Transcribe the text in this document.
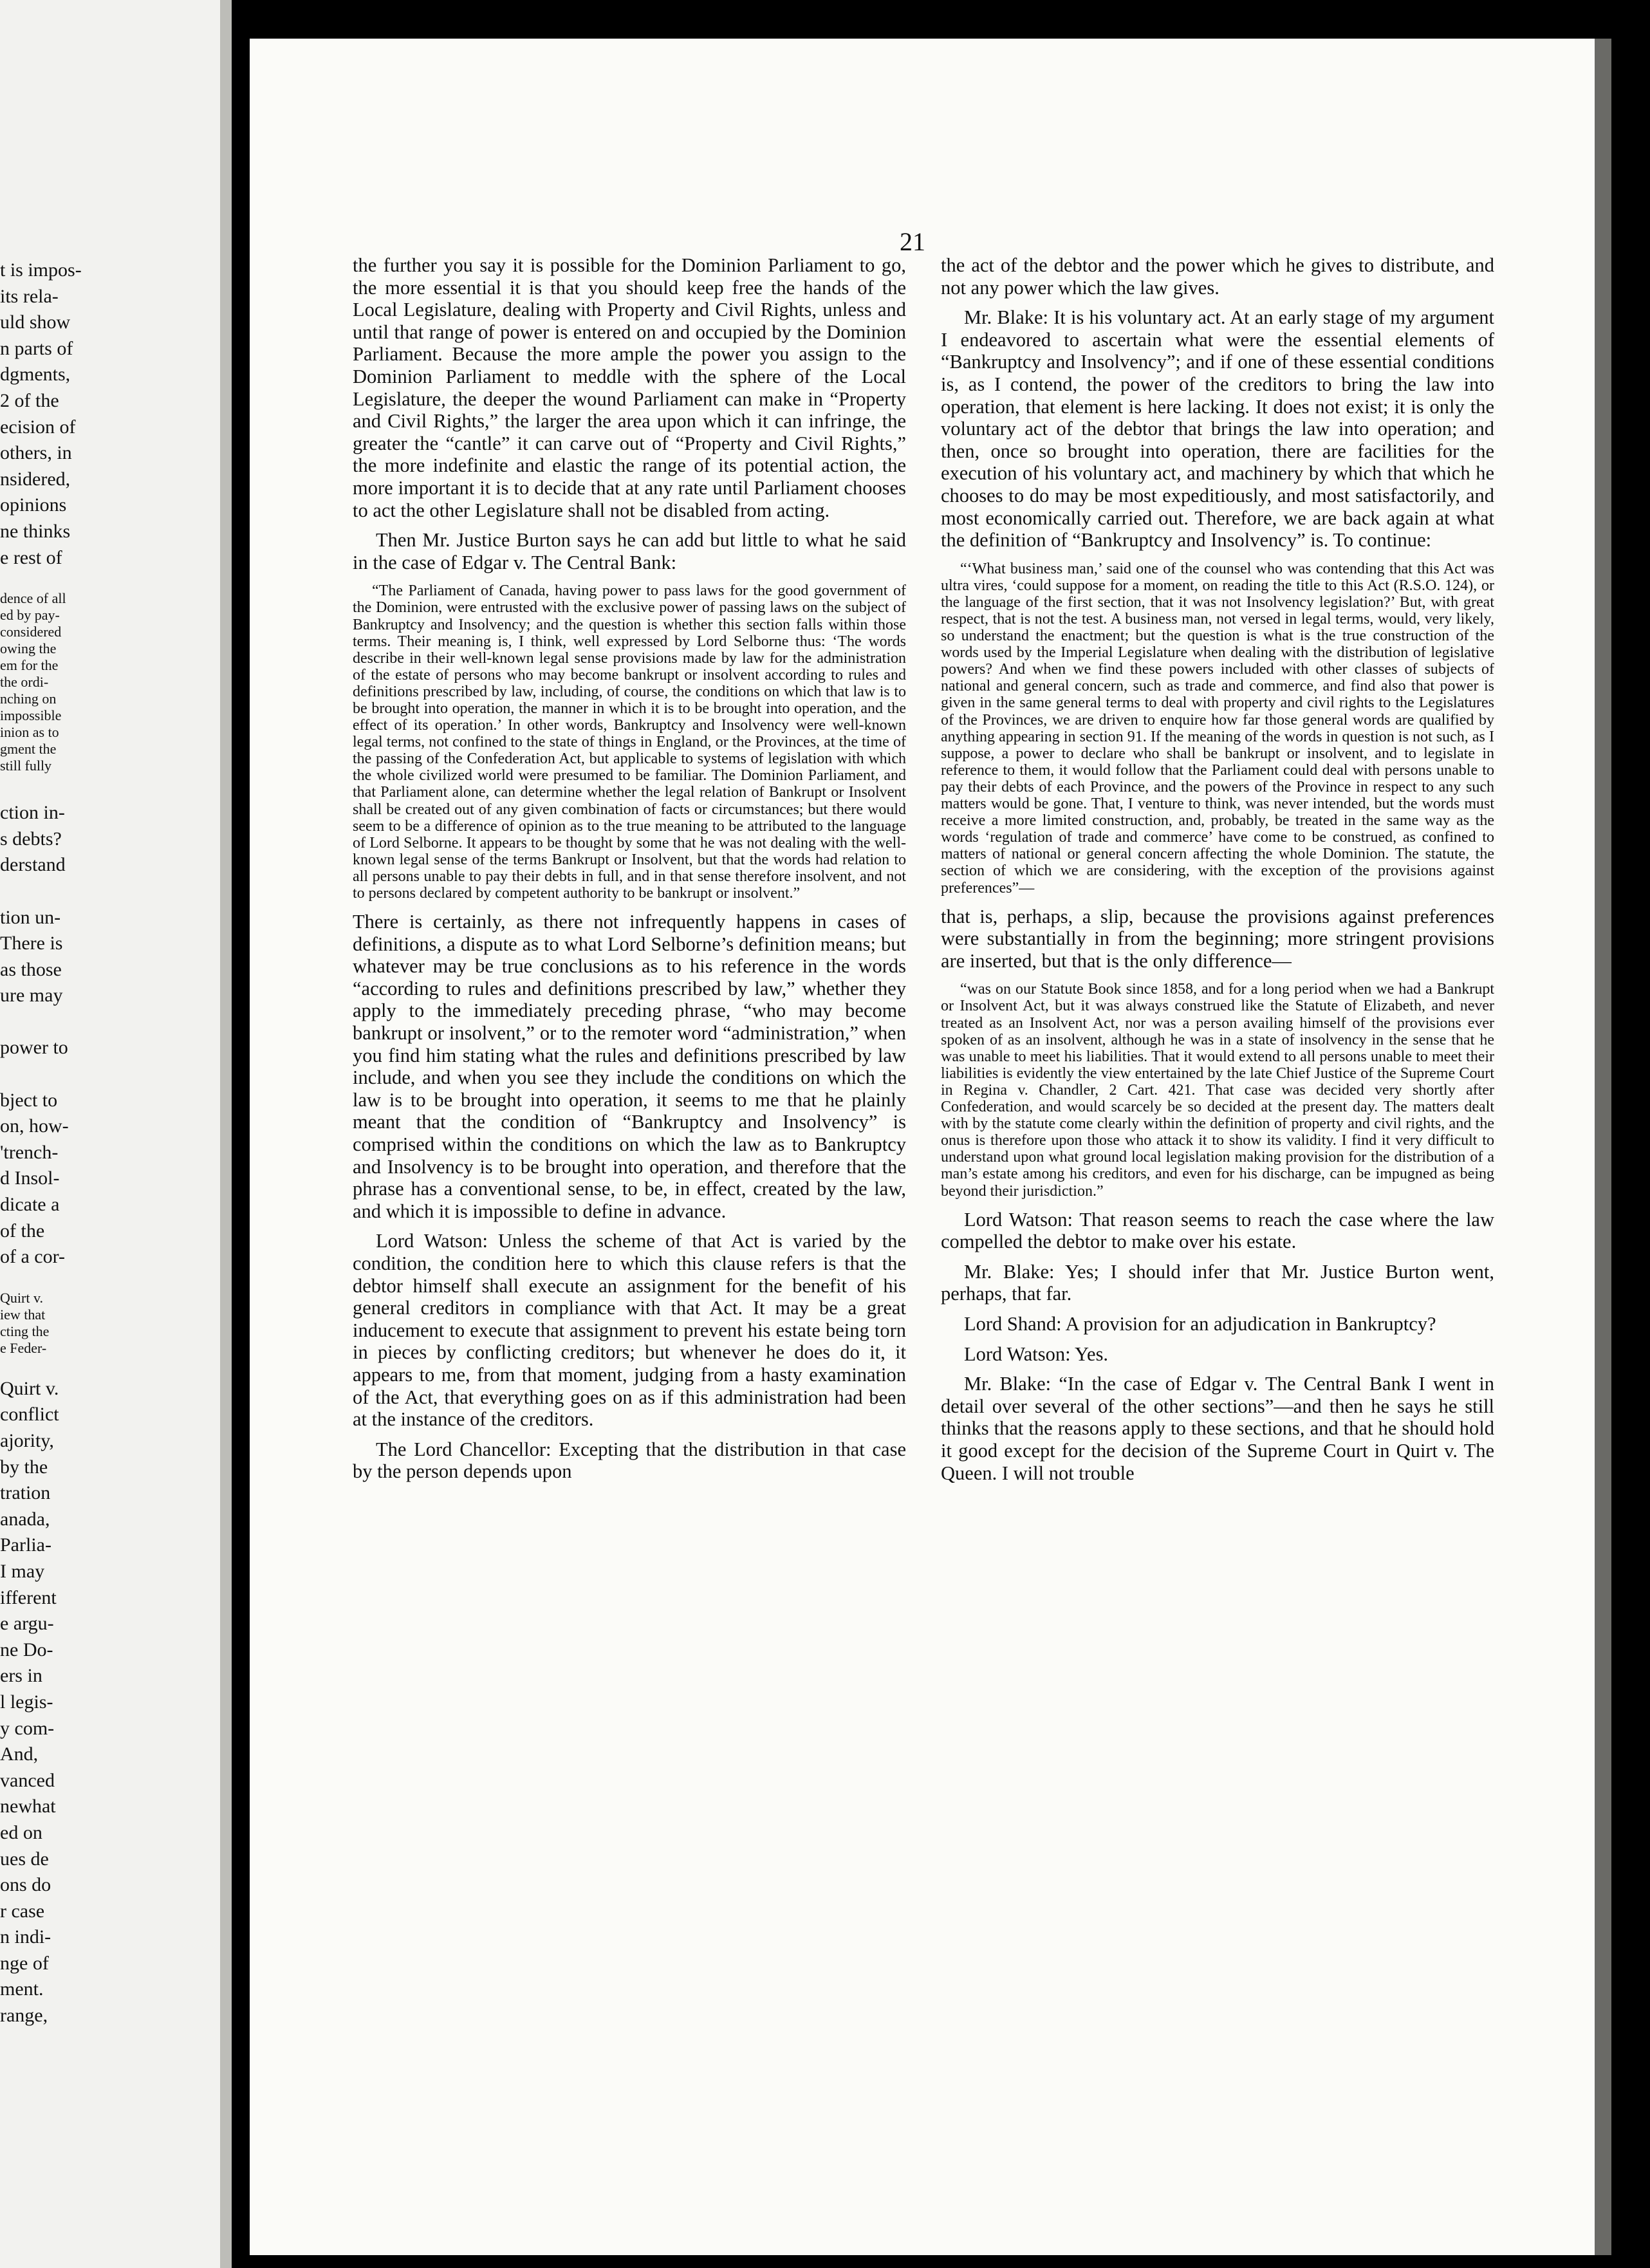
t is impos-
its rela-
uld show
n parts of
dgments,
2 of the
ecision of
others, in
nsidered,
opinions
ne thinks
e rest of
dence of all
ed by pay-
considered
owing the
em for the
the ordi-
nching on
impossible
inion as to
gment the
still fully
ction in-
s debts?
derstand

tion un-
There is
as those
ure may

power to

bject to
on, how-
'trench-
d Insol-
dicate a
of the
of a cor-
Quirt v.
iew that
cting the
e Feder-
Quirt v.
conflict
ajority,
by the
tration
anada,
Parlia-
I may
ifferent
e argu-
ne Do-
ers in
l legis-
y com-
And,
vanced
newhat
ed on
ues de
ons do
r case
n indi-
nge of
ment.
range,
21

the further you say it is possible for the Dominion Parliament to go, the more essential it is that you should keep free the hands of the Local Legislature, dealing with Property and Civil Rights, unless and until that range of power is entered on and occupied by the Dominion Parliament. Because the more ample the power you assign to the Dominion Parliament to meddle with the sphere of the Local Legislature, the deeper the wound Parliament can make in “Property and Civil Rights,” the larger the area upon which it can infringe, the greater the “cantle” it can carve out of “Property and Civil Rights,” the more indefinite and elastic the range of its potential action, the more important it is to decide that at any rate until Parliament chooses to act the other Legislature shall not be disabled from acting.

Then Mr. Justice Burton says he can add but little to what he said in the case of Edgar v. The Central Bank:

“The Parliament of Canada, having power to pass laws for the good government of the Dominion, were entrusted with the exclusive power of passing laws on the subject of Bankruptcy and Insolvency; and the question is whether this section falls within those terms. Their meaning is, I think, well expressed by Lord Selborne thus: ‘The words describe in their well-known legal sense provisions made by law for the administration of the estate of persons who may become bankrupt or insolvent according to rules and definitions prescribed by law, including, of course, the conditions on which that law is to be brought into operation, the manner in which it is to be brought into operation, and the effect of its operation.’ In other words, Bankruptcy and Insolvency were well-known legal terms, not confined to the state of things in England, or the Provinces, at the time of the passing of the Confederation Act, but applicable to systems of legislation with which the whole civilized world were presumed to be familiar. The Dominion Parliament, and that Parliament alone, can determine whether the legal relation of Bankrupt or Insolvent shall be created out of any given combination of facts or circumstances; but there would seem to be a difference of opinion as to the true meaning to be attributed to the language of Lord Selborne. It appears to be thought by some that he was not dealing with the well-known legal sense of the terms Bankrupt or Insolvent, but that the words had relation to all persons unable to pay their debts in full, and in that sense therefore insolvent, and not to persons declared by competent authority to be bankrupt or insolvent.”

There is certainly, as there not infrequently happens in cases of definitions, a dispute as to what Lord Selborne’s definition means; but whatever may be true conclusions as to his reference in the words “according to rules and definitions prescribed by law,” whether they apply to the immediately preceding phrase, “who may become bankrupt or insolvent,” or to the remoter word “administration,” when you find him stating what the rules and definitions prescribed by law include, and when you see they include the conditions on which the law is to be brought into operation, it seems to me that he plainly meant that the condition of “Bankruptcy and Insolvency” is comprised within the conditions on which the law as to Bankruptcy and Insolvency is to be brought into operation, and therefore that the phrase has a conventional sense, to be, in effect, created by the law, and which it is impossible to define in advance.

Lord Watson: Unless the scheme of that Act is varied by the condition, the condition here to which this clause refers is that the debtor himself shall execute an assignment for the benefit of his general creditors in compliance with that Act. It may be a great inducement to execute that assignment to prevent his estate being torn in pieces by conflicting creditors; but whenever he does do it, it appears to me, from that moment, judging from a hasty examination of the Act, that everything goes on as if this administration had been at the instance of the creditors.

The Lord Chancellor: Excepting that the distribution in that case by the person depends upon

the act of the debtor and the power which he gives to distribute, and not any power which the law gives.

Mr. Blake: It is his voluntary act. At an early stage of my argument I endeavored to ascertain what were the essential elements of “Bankruptcy and Insolvency”; and if one of these essential conditions is, as I contend, the power of the creditors to bring the law into operation, that element is here lacking. It does not exist; it is only the voluntary act of the debtor that brings the law into operation; and then, once so brought into operation, there are facilities for the execution of his voluntary act, and machinery by which that which he chooses to do may be most expeditiously, and most satisfactorily, and most economically carried out. Therefore, we are back again at what the definition of “Bankruptcy and Insolvency” is. To continue:

“‘What business man,’ said one of the counsel who was contending that this Act was ultra vires, ‘could suppose for a moment, on reading the title to this Act (R.S.O. 124), or the language of the first section, that it was not Insolvency legislation?’ But, with great respect, that is not the test. A business man, not versed in legal terms, would, very likely, so understand the enactment; but the question is what is the true construction of the words used by the Imperial Legislature when dealing with the distribution of legislative powers? And when we find these powers included with other classes of subjects of national and general concern, such as trade and commerce, and find also that power is given in the same general terms to deal with property and civil rights to the Legislatures of the Provinces, we are driven to enquire how far those general words are qualified by anything appearing in section 91. If the meaning of the words in question is not such, as I suppose, a power to declare who shall be bankrupt or insolvent, and to legislate in reference to them, it would follow that the Parliament could deal with persons unable to pay their debts of each Province, and the powers of the Province in respect to any such matters would be gone. That, I venture to think, was never intended, but the words must receive a more limited construction, and, probably, be treated in the same way as the words ‘regulation of trade and commerce’ have come to be construed, as confined to matters of national or general concern affecting the whole Dominion. The statute, the section of which we are considering, with the exception of the provisions against preferences”—

that is, perhaps, a slip, because the provisions against preferences were substantially in from the beginning; more stringent provisions are inserted, but that is the only difference—

“was on our Statute Book since 1858, and for a long period when we had a Bankrupt or Insolvent Act, but it was always construed like the Statute of Elizabeth, and never treated as an Insolvent Act, nor was a person availing himself of the provisions ever spoken of as an insolvent, although he was in a state of insolvency in the sense that he was unable to meet his liabilities. That it would extend to all persons unable to meet their liabilities is evidently the view entertained by the late Chief Justice of the Supreme Court in Regina v. Chandler, 2 Cart. 421. That case was decided very shortly after Confederation, and would scarcely be so decided at the present day. The matters dealt with by the statute come clearly within the definition of property and civil rights, and the onus is therefore upon those who attack it to show its validity. I find it very difficult to understand upon what ground local legislation making provision for the distribution of a man’s estate among his creditors, and even for his discharge, can be impugned as being beyond their jurisdiction.”

Lord Watson: That reason seems to reach the case where the law compelled the debtor to make over his estate.

Mr. Blake: Yes; I should infer that Mr. Justice Burton went, perhaps, that far.

Lord Shand: A provision for an adjudication in Bankruptcy?

Lord Watson: Yes.

Mr. Blake: “In the case of Edgar v. The Central Bank I went in detail over several of the other sections”—and then he says he still thinks that the reasons apply to these sections, and that he should hold it good except for the decision of the Supreme Court in Quirt v. The Queen. I will not trouble
